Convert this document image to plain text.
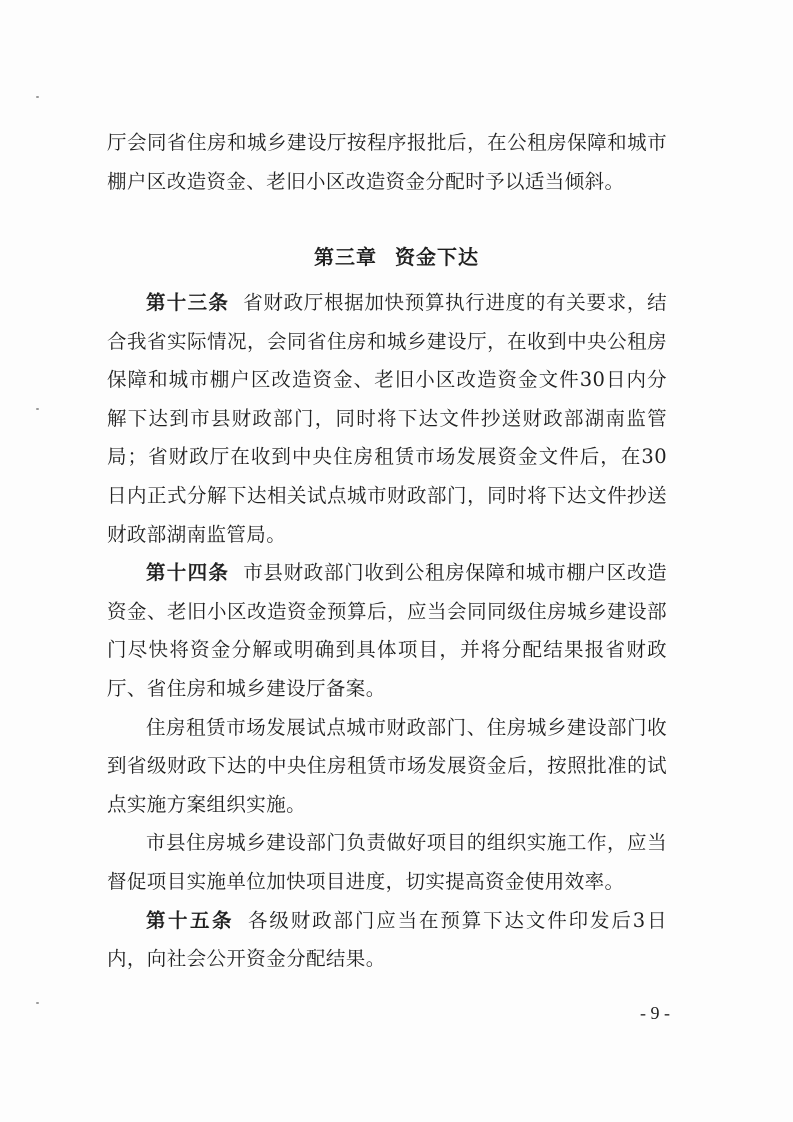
厅会同省住房和城乡建设厅按程序报批后，在公租房保障和城市棚户区改造资金、老旧小区改造资金分配时予以适当倾斜。

第三章 资金下达

第十三条 省财政厅根据加快预算执行进度的有关要求，结合我省实际情况，会同省住房和城乡建设厅，在收到中央公租房保障和城市棚户区改造资金、老旧小区改造资金文件30日内分解下达到市县财政部门，同时将下达文件抄送财政部湖南监管局；省财政厅在收到中央住房租赁市场发展资金文件后，在30日内正式分解下达相关试点城市财政部门，同时将下达文件抄送财政部湖南监管局。

第十四条 市县财政部门收到公租房保障和城市棚户区改造资金、老旧小区改造资金预算后，应当会同同级住房城乡建设部门尽快将资金分解或明确到具体项目，并将分配结果报省财政厅、省住房和城乡建设厅备案。

住房租赁市场发展试点城市财政部门、住房城乡建设部门收到省级财政下达的中央住房租赁市场发展资金后，按照批准的试点实施方案组织实施。

市县住房城乡建设部门负责做好项目的组织实施工作，应当督促项目实施单位加快项目进度，切实提高资金使用效率。

第十五条 各级财政部门应当在预算下达文件印发后3日内，向社会公开资金分配结果。

- 9 -
